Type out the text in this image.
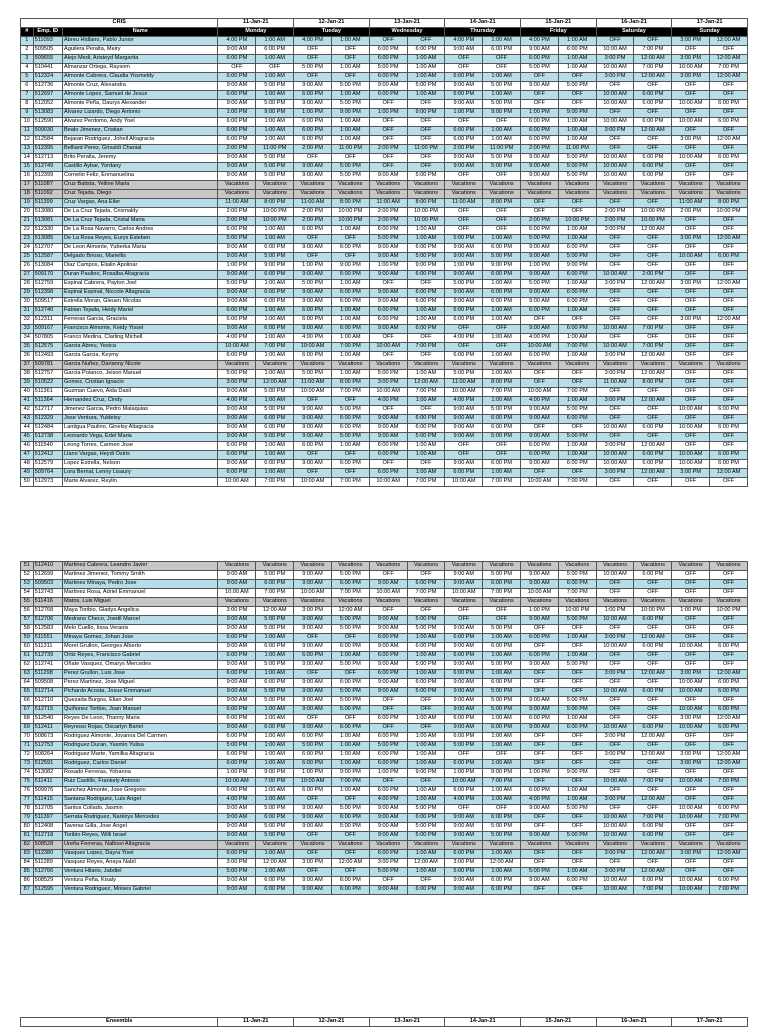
CRIS			11-Jan-21		12-Jan-21		13-Jan-21		14-Jan-21		15-Jan-21		16-Jan-21		17-Jan-21	
#	Emp. ID	Name	Monday		Tueday		Wednesday		Thursday		Friday		Saturday		Sunday	
1	511093	Abreu Hidlano, Pablo Junior	4:00 PM	1:00 AM	4:00 PM	1:00 AM	OFF	OFF	4:00 PM	1:00 AM	4:00 PM	1:00 AM	OFF	OFF	3:00 PM	12:00 AM
2	509505	Aguilera Peralta, Meiry	9:00 AM	6:00 PM	OFF	OFF	6:00 PM	6:00 PM	9:00 AM	6:00 PM	9:00 AM	6:00 PM	10:00 AM	7:00 PM	OFF	OFF
3	509655	Alejo Medi, Aristeyd Margarita	6:00 PM	1:00 AM	OFF	OFF	6:00 PM	1:00 AM	OFF	OFF	6:00 PM	1:00 AM	3:00 PM	12:00 AM	3:00 PM	12:00 AM
4	510441	Almanzar Ortega, Raysom	OFF	OFF	5:00 PM	1:00 AM	5:00 PM	1:00 AM	OFF	OFF	5:00 PM	1:00 AM	10:00 AM	7:00 PM	10:00 AM	7:00 PM
5	512324	Almonte Cabrera, Claudia Yosmeldy	6:00 PM	1:00 AM	OFF	OFF	6:00 PM	1:00 AM	6:00 PM	1:00 AM	OFF	OFF	3:00 PM	12:00 AM	3:00 PM	12:00 AM
6	512736	Almonte Cruz, Alexandra	9:00 AM	5:00 PM	9:00 AM	5:00 PM	9:00 AM	5:00 PM	9:00 AM	5:00 PM	9:00 AM	5:00 PM	OFF	OFF	OFF	OFF
7	512697	Almonte Lopez, Samuel de Jesus	6:00 PM	1:00 AM	6:00 PM	1:00 AM	6:00 PM	1:00 AM	6:00 PM	1:00 AM	OFF	OFF	10:00 AM	6:00 PM	OFF	OFF
8	512052	Almonte Peña, Daurys Alexander	9:00 AM	5:00 PM	9:00 AM	5:00 PM	OFF	OFF	9:00 AM	5:00 PM	OFF	OFF	10:00 AM	6:00 PM	10:00 AM	6:00 PM
9	513083	Alvarez Lizardo, Diego Antonio	1:00 PM	9:00 PM	1:00 PM	9:00 PM	1:00 PM	9:00 PM	1:00 PM	9:00 PM	1:00 PM	9:00 PM	OFF	OFF	OFF	OFF
10	512590	Alvarez Perdomo, Andy Yoel	6:00 PM	1:00 AM	6:00 PM	1:00 AM	OFF	OFF	OFF	OFF	6:00 PM	1:00 AM	10:00 AM	6:00 PM	10:00 AM	6:00 PM
11	509030	Bealo Jimenez, Cristian	6:00 PM	1:00 AM	6:00 PM	1:00 AM	OFF	OFF	6:00 PM	1:00 AM	6:00 PM	1:00 AM	3:00 PM	12:00 AM	OFF	OFF
12	512584	Bejaran Rodriguez, Johell Altagracia	6:00 PM	1:00 AM	6:00 PM	1:00 AM	OFF	OFF	6:00 PM	1:00 AM	6:00 PM	1:00 AM	OFF	OFF	3:00 PM	12:00 AM
13	512395	Belliard Perez, Grisaldi Chanial	2:00 PM	11:00 PM	2:00 PM	11:00 PM	2:00 PM	11:00 PM	2:00 PM	11:00 PM	2:00 PM	11:00 PM	OFF	OFF	OFF	OFF
14	512713	Brito Peralta, Jeremy	9:00 AM	5:00 PM	OFF	OFF	OFF	OFF	9:00 AM	5:00 PM	9:00 AM	5:00 PM	10:00 AM	6:00 PM	10:00 AM	6:00 PM
15	512749	Castillo Aybar, Yordany	9:00 AM	5:00 PM	9:00 AM	5:00 PM	OFF	OFF	9:00 AM	5:00 PM	9:00 AM	5:00 PM	10:00 AM	6:00 PM	OFF	OFF
16	512399	Cornelio Feliz, Enmanuelina	9:00 AM	5:00 PM	9:00 AM	5:00 PM	9:00 AM	5:00 PM	OFF	OFF	9:00 AM	5:00 PM	10:00 AM	6:00 PM	OFF	OFF
17	511087	Cruz Batista, Yeiline Maria	Vacations	Vacations	Vacations	Vacations	Vacations	Vacations	Vacations	Vacations	Vacations	Vacations	Vacations	Vacations	Vacations	Vacations
18	511092	Cruz Tejada, Diego	Vacations	Vacations	Vacations	Vacations	Vacations	Vacations	Vacations	Vacations	Vacations	Vacations	Vacations	Vacations	Vacations	Vacations
19	511399	Cruz Vargas, Ana Eiler	11:00 AM	8:00 PM	11:00 AM	8:00 PM	11:00 AM	8:00 PM	11:00 AM	8:00 PM	OFF	OFF	OFF	OFF	11:00 AM	8:00 PM
20	513080	De La Cruz Tejada, Crismaldy	2:00 PM	10:00 PM	2:00 PM	10:00 PM	2:00 PM	10:00 PM	OFF	OFF	OFF	OFF	2:00 PM	10:00 PM	2:00 PM	10:00 PM
21	513081	De La Cruz Tejada, Cristal Maria	2:00 PM	10:00 PM	2:00 PM	10:00 PM	2:00 PM	10:00 PM	OFF	OFF	2:00 PM	10:00 PM	2:00 PM	10:00 PM	OFF	OFF
22	512330	De La Rosa Navarro, Carlos Andres	6:00 PM	1:00 AM	6:00 PM	1:00 AM	6:00 PM	1:00 AM	OFF	OFF	6:00 PM	1:00 AM	3:00 PM	12:00 AM	OFF	OFF
23	513085	De La Rosa Reyes, Eurys Esleben	5:00 PM	1:00 AM	OFF	OFF	5:00 PM	1:00 AM	5:00 PM	1:00 AM	5:00 PM	1:00 AM	OFF	OFF	3:00 PM	12:00 AM
24	512707	De Leon Almonte, Yuberka Maria	9:00 AM	6:00 PM	9:00 AM	6:00 PM	9:00 AM	6:00 PM	9:00 AM	6:00 PM	9:00 AM	6:00 PM	OFF	OFF	OFF	OFF
25	512587	Delgado Brioso, Mariellis	9:00 AM	5:00 PM	OFF	OFF	9:00 AM	5:00 PM	9:00 AM	5:00 PM	9:00 AM	5:00 PM	OFF	OFF	10:00 AM	6:00 PM
26	513084	Diaz Campos, Elialin Apolinar	1:00 PM	9:00 PM	1:00 PM	9:00 PM	1:00 PM	9:00 PM	1:00 PM	9:00 PM	1:00 PM	9:00 PM	OFF	OFF	OFF	OFF
27	509170	Duran Paulino, Rosalba Altagracia	9:00 AM	6:00 PM	9:00 AM	6:00 PM	9:00 AM	6:00 PM	9:00 AM	6:00 PM	9:00 AM	6:00 PM	10:00 AM	2:00 PM	OFF	OFF
28	512759	Espinal Cabrera, Payton Joel	5:00 PM	1:00 AM	5:00 PM	1:00 AM	OFF	OFF	5:00 PM	1:00 AM	5:00 PM	1:00 AM	3:00 PM	12:00 AM	3:00 PM	12:00 AM
29	512398	Espinal Espinal, Niccole Altagracia	9:00 AM	6:00 PM	9:00 AM	6:00 PM	9:00 AM	6:00 PM	9:00 AM	6:00 PM	9:00 AM	6:00 PM	OFF	OFF	OFF	OFF
30	509517	Estrella Moran, Gleuen Nicolas	9:00 AM	6:00 PM	9:00 AM	6:00 PM	9:00 AM	6:00 PM	9:00 AM	6:00 PM	9:00 AM	6:00 PM	OFF	OFF	OFF	OFF
31	512740	Fabian Tejada, Heidy Mariel	6:00 PM	1:00 AM	6:00 PM	1:00 AM	6:00 PM	1:00 AM	6:00 PM	1:00 AM	6:00 PM	1:00 AM	OFF	OFF	OFF	OFF
32	512311	Ferreras Garcia, Graciela	6:00 PM	1:00 AM	6:00 PM	1:00 AM	6:00 PM	1:00 AM	6:00 PM	1:00 AM	OFF	OFF	OFF	OFF	3:00 PM	12:00 AM
33	509167	Francisco Almonte, Keidy Yissel	9:00 AM	6:00 PM	9:00 AM	6:00 PM	9:00 AM	6:00 PM	OFF	OFF	9:00 AM	6:00 PM	10:00 AM	7:00 PM	OFF	OFF
34	507805	Franco Medina, Clarling Michell	4:00 PM	1:00 AM	4:00 PM	1:00 AM	OFF	OFF	4:00 PM	1:00 AM	4:00 PM	1:00 AM	OFF	OFF	OFF	OFF
35	512575	Garcia Abreu, Yesica	10:00 AM	7:00 PM	10:00 AM	7:00 PM	10:00 AM	7:00 PM	OFF	OFF	10:00 AM	7:00 PM	10:00 AM	7:00 PM	OFF	OFF
36	512493	Garcia Garcia, Keymy	6:00 PM	1:00 AM	6:00 PM	1:00 AM	OFF	OFF	6:00 PM	1:00 AM	6:00 PM	1:00 AM	3:00 PM	12:00 AM	OFF	OFF
37	509781	Garcia Nuñez, Darianny Nicole	Vacations	Vacations	Vacations	Vacations	Vacations	Vacations	Vacations	Vacations	Vacations	Vacations	Vacations	Vacations	Vacations	Vacations
38	512757	Garcia Polanco, Jeison Manuel	5:00 PM	1:00 AM	5:00 PM	1:00 AM	5:00 PM	1:00 AM	5:00 PM	1:00 AM	OFF	OFF	3:00 PM	12:00 AM	OFF	OFF
39	510522	Gomez, Cristian Ignacio	3:00 PM	12:00 AM	11:00 AM	8:00 PM	3:00 PM	12:00 AM	11:00 AM	8:00 PM	OFF	OFF	11:00 AM	8:00 PM	OFF	OFF
40	511361	Guzman Cuevo, Aida Dasil	9:00 AM	5:00 PM	10:00 AM	7:00 PM	10:00 AM	7:00 PM	10:00 AM	7:00 PM	10:00 AM	7:00 PM	OFF	OFF	OFF	OFF
41	511364	Hernandez Cruz, Cindy	4:00 PM	1:00 AM	OFF	OFF	4:00 PM	1:00 AM	4:00 PM	1:00 AM	4:00 PM	1:00 AM	3:00 PM	12:00 AM	OFF	OFF
42	512717	Jimenez Garcia, Pedro Malaquias	9:00 AM	5:00 PM	9:00 AM	5:00 PM	OFF	OFF	9:00 AM	5:00 PM	9:00 AM	5:00 PM	OFF	OFF	10:00 AM	6:00 PM
43	512329	Jose Ventura, Yuldeisy	9:00 AM	6:00 PM	9:00 AM	6:00 PM	9:00 AM	6:00 PM	9:00 AM	6:00 PM	9:00 AM	6:00 PM	OFF	OFF	OFF	OFF
44	512484	Lantigua Paulino, Ginelsy Altagracia	9:00 AM	6:00 PM	9:00 AM	6:00 PM	9:00 AM	6:00 PM	9:00 AM	6:00 PM	OFF	OFF	10:00 AM	6:00 PM	10:00 AM	6:00 PM
45	512738	Leonardo Vega, Edel Maria	9:00 AM	5:00 PM	9:00 AM	5:00 PM	9:00 AM	5:00 PM	9:00 AM	5:00 PM	9:00 AM	5:00 PM	OFF	OFF	OFF	OFF
46	511540	Leong Torres, Carmen Jose	6:00 PM	1:00 AM	6:00 PM	1:00 AM	6:00 PM	1:00 AM	OFF	OFF	6:00 PM	1:00 AM	3:00 PM	12:00 AM	OFF	OFF
47	512412	Llano Vargas, Heydi Osiris	6:00 PM	1:00 AM	OFF	OFF	6:00 PM	1:00 AM	OFF	OFF	6:00 PM	1:00 AM	10:00 AM	6:00 PM	10:00 AM	6:00 PM
48	512579	Lopez Estrella, Nelson	9:00 AM	6:00 PM	9:00 AM	6:00 PM	OFF	OFF	9:00 AM	6:00 PM	9:00 AM	6:00 PM	10:00 AM	6:00 PM	10:00 AM	6:00 PM
49	509764	Lora Bernal, Lenny Lisaury	6:00 PM	1:00 AM	OFF	OFF	6:00 PM	1:00 AM	6:00 PM	1:00 AM	OFF	OFF	3:00 PM	12:00 AM	3:00 PM	12:00 AM
50	512973	Marte Alvarez, Reylin	10:00 AM	7:00 PM	10:00 AM	7:00 PM	10:00 AM	7:00 PM	10:00 AM	7:00 PM	10:00 AM	7:00 PM	OFF	OFF	OFF	OFF
51	512410	Martinez Cabrera, Leandro Javier	Vacations	Vacations	Vacations	Vacations	Vacations	Vacations	Vacations	Vacations	Vacations	Vacations	Vacations	Vacations	Vacations	Vacations
52	512699	Martinez Jimenez, Tommy Smith	9:00 AM	5:00 PM	9:00 AM	5:00 PM	OFF	OFF	9:00 AM	5:00 PM	9:00 AM	5:00 PM	10:00 AM	6:00 PM	OFF	OFF
53	509503	Martinez Minaya, Pedro Jose	9:00 AM	6:00 PM	9:00 AM	6:00 PM	9:00 AM	6:00 PM	9:00 AM	6:00 PM	9:00 AM	6:00 PM	OFF	OFF	OFF	OFF
54	512743	Martinez Rosa, Adriel Emmanuel	10:00 AM	7:00 PM	10:00 AM	7:00 PM	10:00 AM	7:00 PM	10:00 AM	7:00 PM	10:00 AM	7:00 PM	OFF	OFF	OFF	OFF
55	511416	Matos, Luis Miguel	Vacations	Vacations	Vacations	Vacations	Vacations	Vacations	Vacations	Vacations	Vacations	Vacations	Vacations	Vacations	Vacations	Vacations
56	512768	Maya Toribio, Gladys Angelica	3:00 PM	12:00 AM	3:00 PM	12:00 AM	OFF	OFF	OFF	OFF	1:00 PM	10:00 PM	1:00 PM	10:00 PM	1:00 PM	10:00 PM
57	512706	Medrano Checo, Joedil Marcel	9:00 AM	5:00 PM	9:00 AM	5:00 PM	9:00 AM	5:00 PM	OFF	OFF	9:00 AM	5:00 PM	10:00 AM	6:00 PM	OFF	OFF
58	512583	Melo Cuello, Iissa Veranis	9:00 AM	5:00 PM	9:00 AM	5:00 PM	9:00 AM	5:00 PM	9:00 AM	5:00 PM	OFF	OFF	OFF	OFF	OFF	OFF
59	511551	Minaya Gomez, Johan Jose	6:00 PM	1:00 AM	OFF	OFF	6:00 PM	1:00 AM	6:00 PM	1:00 AM	6:00 PM	1:00 AM	3:00 PM	12:00 AM	OFF	OFF
60	511311	Morel Grullon, Georges Alberto	9:00 AM	6:00 PM	9:00 AM	6:00 PM	9:00 AM	6:00 PM	9:00 AM	6:00 PM	OFF	OFF	10:00 AM	6:00 PM	10:00 AM	6:00 PM
61	512739	Ortiz Reyes, Francisco Gabriel	6:00 PM	1:00 AM	6:00 PM	1:00 AM	6:00 PM	1:00 AM	6:00 PM	1:00 AM	6:00 PM	1:00 AM	OFF	OFF	OFF	OFF
62	512741	Oñate Vasquez, Omarys Mercedes	9:00 AM	5:00 PM	9:00 AM	5:00 PM	9:00 AM	5:00 PM	9:00 AM	5:00 PM	9:00 AM	5:00 PM	OFF	OFF	OFF	OFF
63	511298	Perez Grullon, Luis Jose	6:00 PM	1:00 AM	OFF	OFF	6:00 PM	1:00 AM	6:00 PM	1:00 AM	OFF	OFF	3:00 PM	12:00 AM	3:00 PM	12:00 AM
64	509508	Perez Martinez, Jose Miguel	9:00 AM	6:00 PM	9:00 AM	6:00 PM	9:00 AM	6:00 PM	9:00 AM	6:00 PM	OFF	OFF	OFF	OFF	10:00 AM	6:00 PM
65	512714	Pichardo Acosta, Josue Emmanuel	9:00 AM	5:00 PM	9:00 AM	5:00 PM	9:00 AM	5:00 PM	9:00 AM	5:00 PM	OFF	OFF	10:00 AM	6:00 PM	10:00 AM	6:00 PM
66	512710	Quezada Burgos, Elian Joel	9:00 AM	5:00 PM	9:00 AM	5:00 PM	OFF	OFF	9:00 AM	5:00 PM	9:00 AM	5:00 PM	OFF	OFF	OFF	OFF
67	512715	Quiñonez Toribio, Joan Manuel	6:00 PM	1:00 AM	9:00 AM	5:00 PM	OFF	OFF	9:00 AM	5:00 PM	9:00 AM	5:00 PM	OFF	OFF	10:00 AM	6:00 PM
68	512540	Reyes De Leon, Thanny Maria	6:00 PM	1:00 AM	OFF	OFF	6:00 PM	1:00 AM	6:00 PM	1:00 AM	6:00 PM	1:00 AM	OFF	OFF	3:00 PM	12:00 AM
69	512411	Reynoso Rojas, Oscarlyn Bariel	9:00 AM	6:00 PM	9:00 AM	6:00 PM	OFF	OFF	9:00 AM	6:00 PM	9:00 AM	6:00 PM	10:00 AM	6:00 PM	10:00 AM	6:00 PM
70	508673	Rodriguez Almonte, Jovanna Del Carmen	6:00 PM	1:00 AM	6:00 PM	1:00 AM	6:00 PM	1:00 AM	6:00 PM	1:00 AM	OFF	OFF	3:00 PM	12:00 AM	OFF	OFF
71	512753	Rodriguez Duran, Yasmin Yulisa	5:00 PM	1:00 AM	5:00 PM	1:00 AM	5:00 PM	1:00 AM	5:00 PM	1:00 AM	OFF	OFF	OFF	OFF	OFF	OFF
72	508264	Rodriguez Marte, Yamilka Altagracia	6:00 PM	1:00 AM	6:00 PM	1:00 AM	6:00 PM	1:00 AM	OFF	OFF	OFF	OFF	3:00 PM	12:00 AM	3:00 PM	12:00 AM
73	512591	Rodriguez, Carlos Daniel	6:00 PM	1:00 AM	6:00 PM	1:00 AM	6:00 PM	1:00 AM	6:00 PM	1:00 AM	OFF	OFF	OFF	OFF	3:00 PM	12:00 AM
74	513082	Rosado Ferreras, Yohanna	1:00 PM	9:00 PM	1:00 PM	9:00 PM	1:00 PM	9:00 PM	1:00 PM	9:00 PM	1:00 PM	9:00 PM	OFF	OFF	OFF	OFF
75	511411	Ruiz Castillo, Frankely Antonio	10:00 AM	7:00 PM	10:00 AM	7:00 PM	OFF	OFF	10:00 AM	7:00 PM	OFF	OFF	10:00 AM	7:00 PM	10:00 AM	7:00 PM
76	509976	Sanchez Almonte, Jose Gregorio	6:00 PM	1:00 AM	6:00 PM	1:00 AM	6:00 PM	1:00 AM	6:00 PM	1:00 AM	6:00 PM	1:00 AM	OFF	OFF	OFF	OFF
77	511415	Santana Rodriguez, Luis Angel	4:00 PM	1:00 AM	OFF	OFF	4:00 PM	1:00 AM	4:00 PM	1:00 AM	4:00 PM	1:00 AM	3:00 PM	12:00 AM	OFF	OFF
78	512705	Santos Collado, Jasmin	9:00 AM	5:00 PM	9:00 AM	5:00 PM	9:00 AM	5:00 PM	OFF	OFF	9:00 AM	5:00 PM	OFF	OFF	10:00 AM	6:00 PM
79	511397	Serrata Rodriguez, Narkirys Mercedes	9:00 AM	6:00 PM	9:00 AM	6:00 PM	9:00 AM	6:00 PM	9:00 AM	6:00 PM	OFF	OFF	10:00 AM	7:00 PM	10:00 AM	7:00 PM
80	512408	Taveras Gilla, Jose Angel	9:00 AM	5:00 PM	9:00 AM	5:00 PM	9:00 AM	5:00 PM	9:00 AM	5:00 PM	OFF	OFF	10:00 AM	6:00 PM	OFF	OFF
81	512718	Toribio Reyes, Willi Israel	9:00 AM	5:00 PM	OFF	OFF	9:00 AM	5:00 PM	9:00 AM	5:00 PM	9:00 AM	5:00 PM	10:00 AM	6:00 PM	OFF	OFF
82	508528	Ureña Ferreras, Nalbuvi Altagracia	Vacations	Vacations	Vacations	Vacations	Vacations	Vacations	Vacations	Vacations	Vacations	Vacations	Vacations	Vacations	Vacations	Vacations
83	512380	Vasquez Lopez, Dayra Yisel	6:00 PM	1:00 AM	OFF	OFF	6:00 PM	1:00 AM	6:00 PM	1:00 AM	OFF	OFF	3:00 PM	12:00 AM	3:00 PM	12:00 AM
84	511289	Vasquez Reyes, Anaya Nabil	3:00 PM	12:00 AM	3:00 PM	12:00 AM	3:00 PM	12:00 AM	3:00 PM	12:00 AM	OFF	OFF	OFF	OFF	OFF	OFF
85	512766	Ventura Hilario, Jabdiel	5:00 PM	1:00 AM	OFF	OFF	5:00 PM	1:00 AM	5:00 PM	1:00 AM	5:00 PM	1:00 AM	3:00 PM	12:00 AM	OFF	OFF
86	508529	Ventura Peña, Kisaly	9:00 AM	6:00 PM	9:00 AM	6:00 PM	OFF	OFF	9:00 AM	6:00 PM	9:00 AM	6:00 PM	10:00 AM	6:00 PM	10:00 AM	6:00 PM
87	512595	Ventura Rodriguez, Moises Gabriel	9:00 AM	6:00 PM	9:00 AM	6:00 PM	9:00 AM	6:00 PM	9:00 AM	6:00 PM	OFF	OFF	10:00 AM	7:00 PM	10:00 AM	7:00 PM
Ensemble	11-Jan-21	12-Jan-21	13-Jan-21	14-Jan-21	15-Jan-21	16-Jan-21	17-Jan-21
